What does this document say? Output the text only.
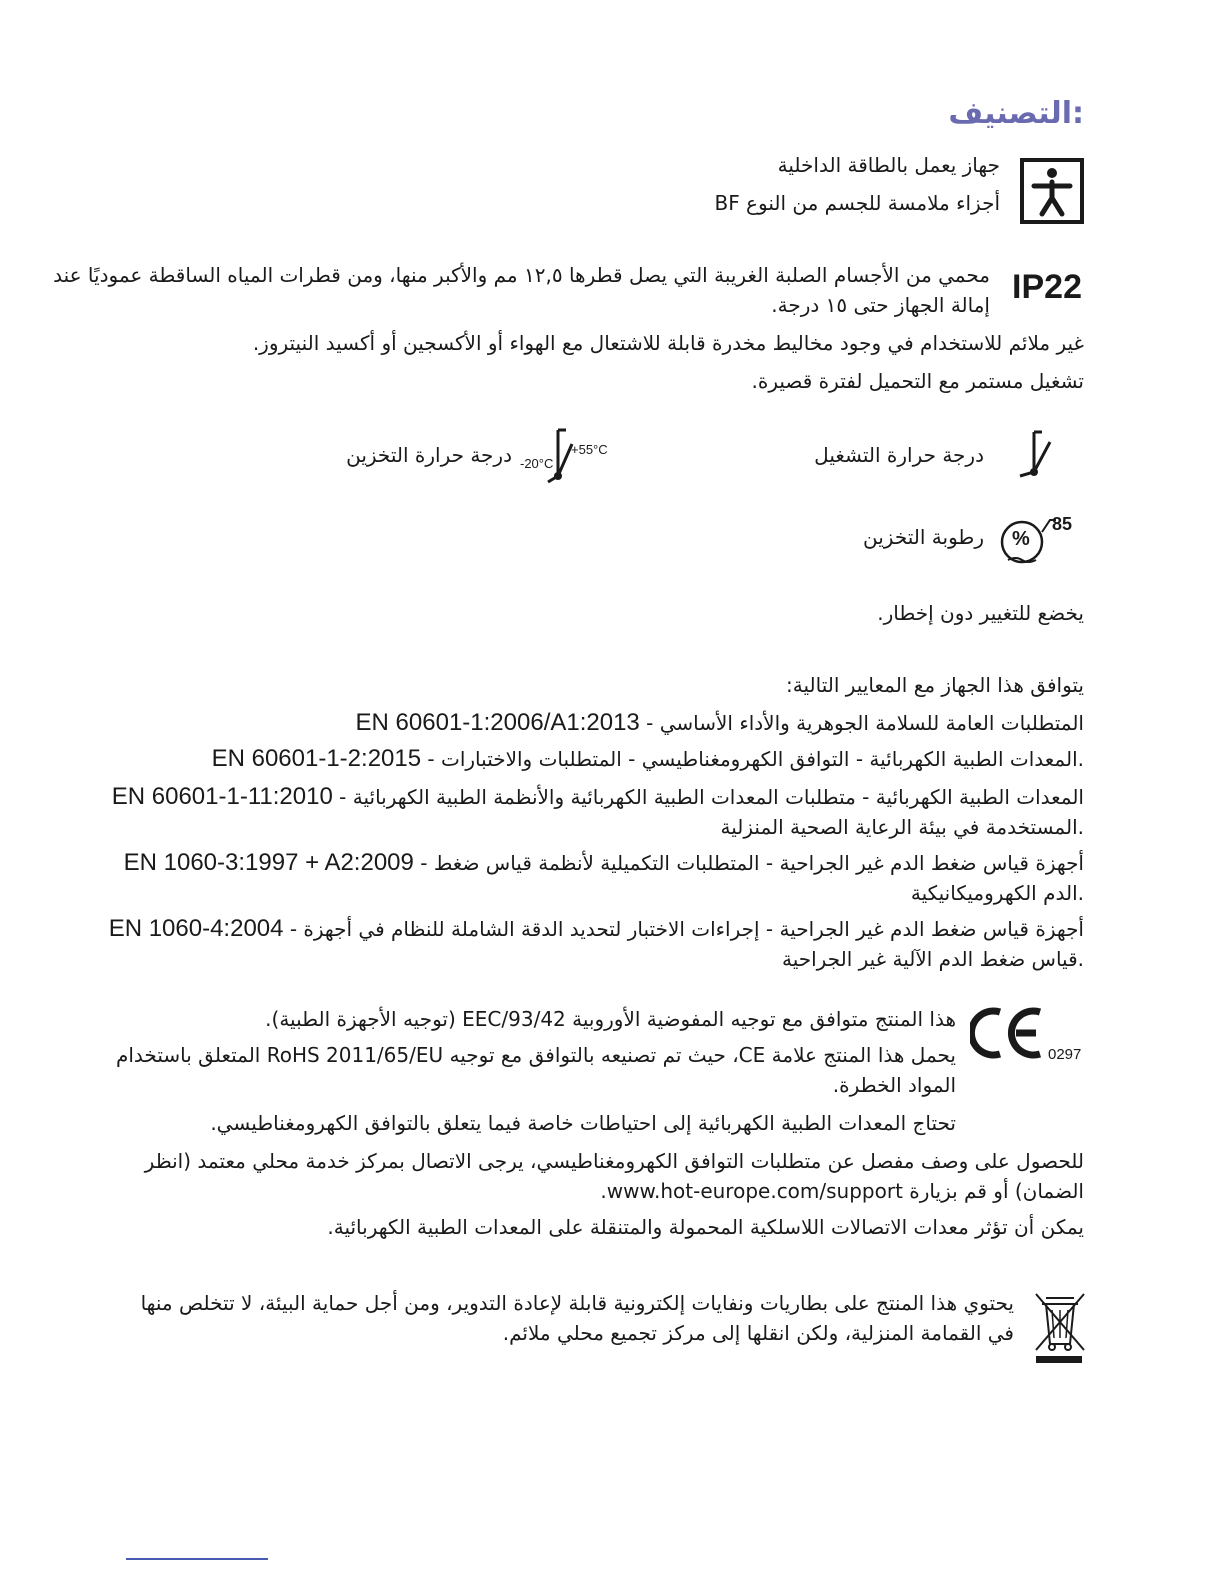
:التصنيف
جهاز يعمل بالطاقة الداخلية
أجزاء ملامسة للجسم من النوع BF
IP22
محمي من الأجسام الصلبة الغريبة التي يصل قطرها ١٢,٥ مم والأكبر منها، ومن قطرات المياه الساقطة عموديًا عند
إمالة الجهاز حتى ١٥ درجة.
غير ملائم للاستخدام في وجود مخاليط مخدرة قابلة للاشتعال مع الهواء أو الأكسجين أو أكسيد النيتروز.
تشغيل مستمر مع التحميل لفترة قصيرة.
درجة حرارة التشغيل
+55°C
-20°C
درجة حرارة التخزين
%
85
رطوبة التخزين
يخضع للتغيير دون إخطار.
يتوافق هذا الجهاز مع المعايير التالية:
EN 60601-1:2006/A1:2013 - المتطلبات العامة للسلامة الجوهرية والأداء الأساسي
EN 60601-1-2:2015 - المعدات الطبية الكهربائية - التوافق الكهرومغناطيسي - المتطلبات والاختبارات.
EN 60601-1-11:2010 - المعدات الطبية الكهربائية - متطلبات المعدات الطبية الكهربائية والأنظمة الطبية الكهربائية المستخدمة في بيئة الرعاية الصحية المنزلية.
EN 1060-3:1997 + A2:2009 - أجهزة قياس ضغط الدم غير الجراحية - المتطلبات التكميلية لأنظمة قياس ضغط الدم الكهروميكانيكية.
EN 1060-4:2004 - أجهزة قياس ضغط الدم غير الجراحية - إجراءات الاختبار لتحديد الدقة الشاملة للنظام في أجهزة قياس ضغط الدم الآلية غير الجراحية.
0297
هذا المنتج متوافق مع توجيه المفوضية الأوروبية 93/42/EEC (توجيه الأجهزة الطبية).
يحمل هذا المنتج علامة CE، حيث تم تصنيعه بالتوافق مع توجيه RoHS 2011/65/EU المتعلق باستخدام المواد الخطرة.
تحتاج المعدات الطبية الكهربائية إلى احتياطات خاصة فيما يتعلق بالتوافق الكهرومغناطيسي.
للحصول على وصف مفصل عن متطلبات التوافق الكهرومغناطيسي، يرجى الاتصال بمركز خدمة محلي معتمد (انظر الضمان) أو قم بزيارة www.hot-europe.com/support.
يمكن أن تؤثر معدات الاتصالات اللاسلكية المحمولة والمتنقلة على المعدات الطبية الكهربائية.
يحتوي هذا المنتج على بطاريات ونفايات إلكترونية قابلة لإعادة التدوير، ومن أجل حماية البيئة، لا تتخلص منها في القمامة المنزلية، ولكن انقلها إلى مركز تجميع محلي ملائم.
